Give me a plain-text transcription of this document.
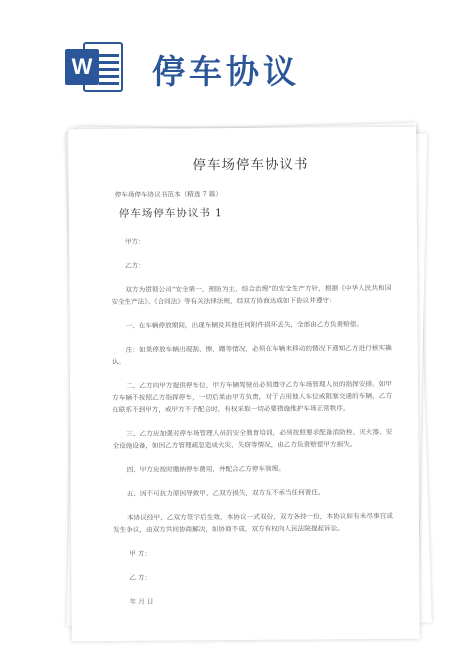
W 停车协议
停车场停车协议书
停车场停车协议书范本（精选 7 篇）
停车场停车协议书 1
甲方：
乙方：
双方为贯彻公司“安全第一，预防为主，综合治理”的安全生产方针，根据《中华人民共和国安全生产法》、《合同法》等有关法律法规，经双方协商达成如下协议并遵守：
一、在车辆停放期间，出现车辆及其他任何附件损坏丢失，全部由乙方负责赔偿。
注：如果停放车辆出现刮、擦、蹭等情况，必须在车辆未移动的情况下通知乙方进行核实确认。
二、乙方向甲方提供停车位，甲方车辆驾驶员必须遵守乙方车场管理人员的指挥安排。如甲方车辆不按照乙方指挥停车，一切后果由甲方负责，对于占用他人车位或阻塞交通的车辆，乙方在联系不到甲方，或甲方不予配合时，有权采取一切必要措施维护车场正常秩序。
三、乙方应加强对停车场管理人员的安全教育培训，必须按照要求配备消防栓、灭火器、安全设施设备，如因乙方管理疏忽造成火灾、失窃等情况，由乙方负责赔偿甲方损失。
四、甲方应按时缴纳停车费用，并配合乙方停车管理。
五、因不可抗力原因导致甲、乙双方损失，双方互不承当任何责任。
本协议经甲、乙双方签字后生效，本协议一式双份，双方各持一份，本协议如有未尽事宜或发生争议，由双方共同协商解决，如协商不成，双方有权向人民法院提起诉讼。
甲 方：
乙 方：
年 月 日
